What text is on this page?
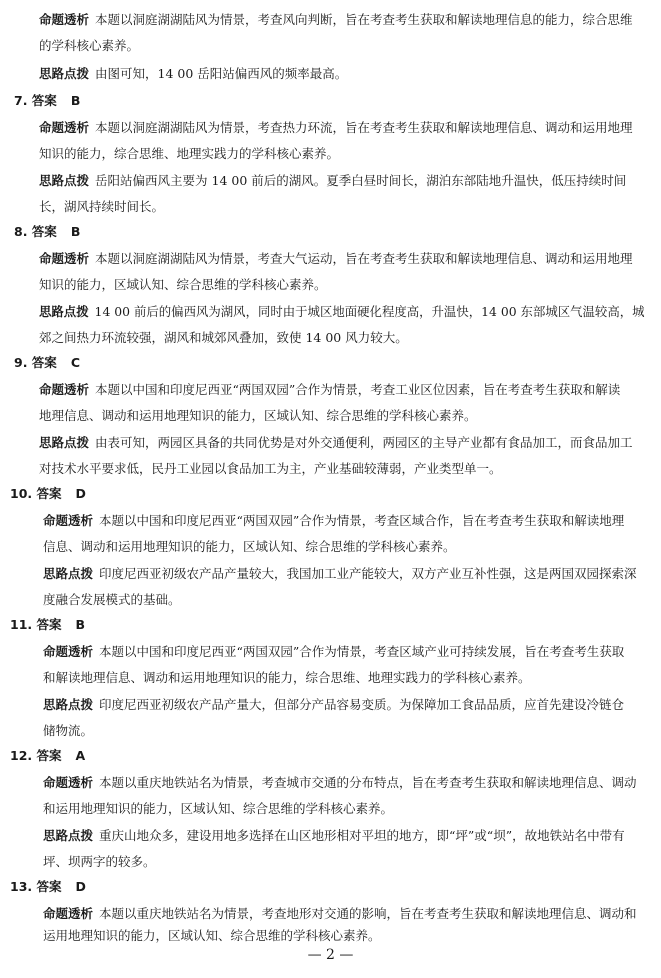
命题透析 本题以洞庭湖湖陆风为情景，考查风向判断，旨在考查考生获取和解读地理信息的能力，综合思维
的学科核心素养。
思路点拨 由图可知，14 00 岳阳站偏西风的频率最高。
7. 答案 B
命题透析 本题以洞庭湖湖陆风为情景，考查热力环流，旨在考查考生获取和解读地理信息、调动和运用地理
知识的能力，综合思维、地理实践力的学科核心素养。
思路点拨 岳阳站偏西风主要为 14 00 前后的湖风。夏季白昼时间长，湖泊东部陆地升温快，低压持续时间
长，湖风持续时间长。
8. 答案 B
命题透析 本题以洞庭湖湖陆风为情景，考查大气运动，旨在考查考生获取和解读地理信息、调动和运用地理
知识的能力，区域认知、综合思维的学科核心素养。
思路点拨 14 00 前后的偏西风为湖风，同时由于城区地面硬化程度高，升温快，14 00 东部城区气温较高，城
郊之间热力环流较强，湖风和城郊风叠加，致使 14 00 风力较大。
9. 答案 C
命题透析 本题以中国和印度尼西亚“两国双园”合作为情景，考查工业区位因素，旨在考查考生获取和解读
地理信息、调动和运用地理知识的能力，区域认知、综合思维的学科核心素养。
思路点拨 由表可知，两园区具备的共同优势是对外交通便利，两园区的主导产业都有食品加工，而食品加工
对技术水平要求低，民丹工业园以食品加工为主，产业基础较薄弱，产业类型单一。
10. 答案 D
命题透析 本题以中国和印度尼西亚“两国双园”合作为情景，考查区域合作，旨在考查考生获取和解读地理
信息、调动和运用地理知识的能力，区域认知、综合思维的学科核心素养。
思路点拨 印度尼西亚初级农产品产量较大，我国加工业产能较大，双方产业互补性强，这是两国双园探索深
度融合发展模式的基础。
11. 答案 B
命题透析 本题以中国和印度尼西亚“两国双园”合作为情景，考查区域产业可持续发展，旨在考查考生获取
和解读地理信息、调动和运用地理知识的能力，综合思维、地理实践力的学科核心素养。
思路点拨 印度尼西亚初级农产品产量大，但部分产品容易变质。为保障加工食品品质，应首先建设冷链仓
储物流。
12. 答案 A
命题透析 本题以重庆地铁站名为情景，考查城市交通的分布特点，旨在考查考生获取和解读地理信息、调动
和运用地理知识的能力，区域认知、综合思维的学科核心素养。
思路点拨 重庆山地众多，建设用地多选择在山区地形相对平坦的地方，即“坪”或“坝”，故地铁站名中带有
坪、坝两字的较多。
13. 答案 D
命题透析 本题以重庆地铁站名为情景，考查地形对交通的影响，旨在考查考生获取和解读地理信息、调动和
运用地理知识的能力，区域认知、综合思维的学科核心素养。
— 2 —
